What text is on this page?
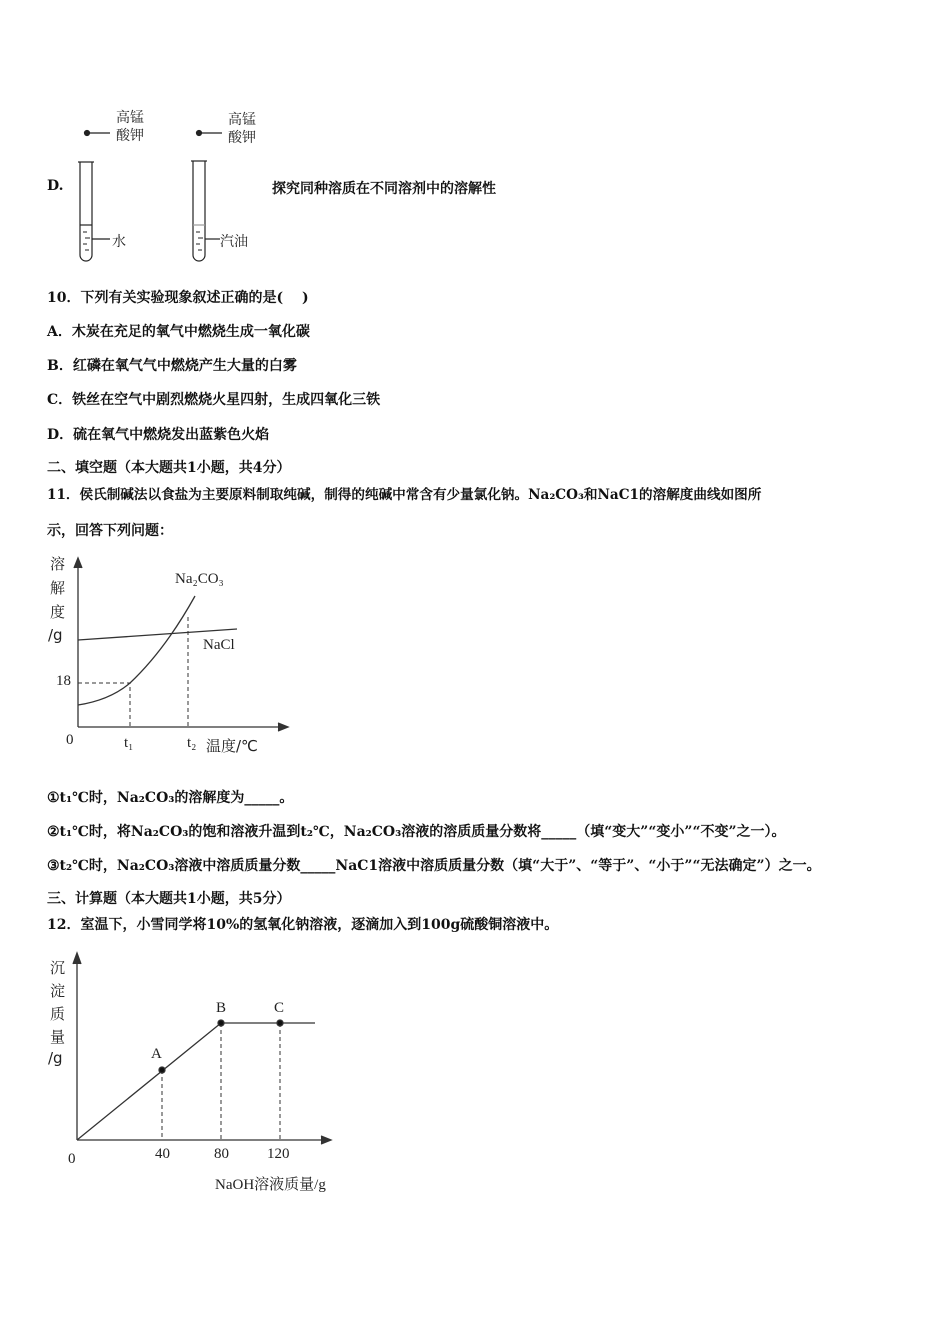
高锰酸钾
高锰
酸钾
D.	探究同种溶质在不同溶剂中的溶解性
水	汽油
10．下列有关实验现象叙述正确的是(　 )
A．木炭在充足的氧气中燃烧生成一氧化碳
B．红磷在氧气气中燃烧产生大量的白雾
C．铁丝在空气中剧烈燃烧火星四射，生成四氧化三铁
D．硫在氧气中燃烧发出蓝紫色火焰
二、填空题（本大题共1小题，共4分）
11．侯氏制碱法以食盐为主要原料制取纯碱，制得的纯碱中常含有少量氯化钠。Na₂CO₃和NaC1的溶解度曲线如图所
示，回答下列问题：
溶
解
度
/g
Na₂CO₃
NaCl
18
0	t₁	t₂ 温度/℃
①t₁℃时，Na₂CO₃的溶解度为_____。
②t₁℃时，将Na₂CO₃的饱和溶液升温到t₂℃，Na₂CO₃溶液的溶质质量分数将_____（填“变大”“变小”“不变”之一）。
③t₂℃时，Na₂CO₃溶液中溶质质量分数_____NaC1溶液中溶质质量分数（填“大于”、“等于”、“小于”“无法确定”）之一。
三、计算题（本大题共1小题，共5分）
12．室温下，小雪同学将10%的氢氧化钠溶液，逐滴加入到100g硫酸铜溶液中。
沉
淀
质
量
/g	A
B	C
0	40	80	120
NaOH溶液质量/g
